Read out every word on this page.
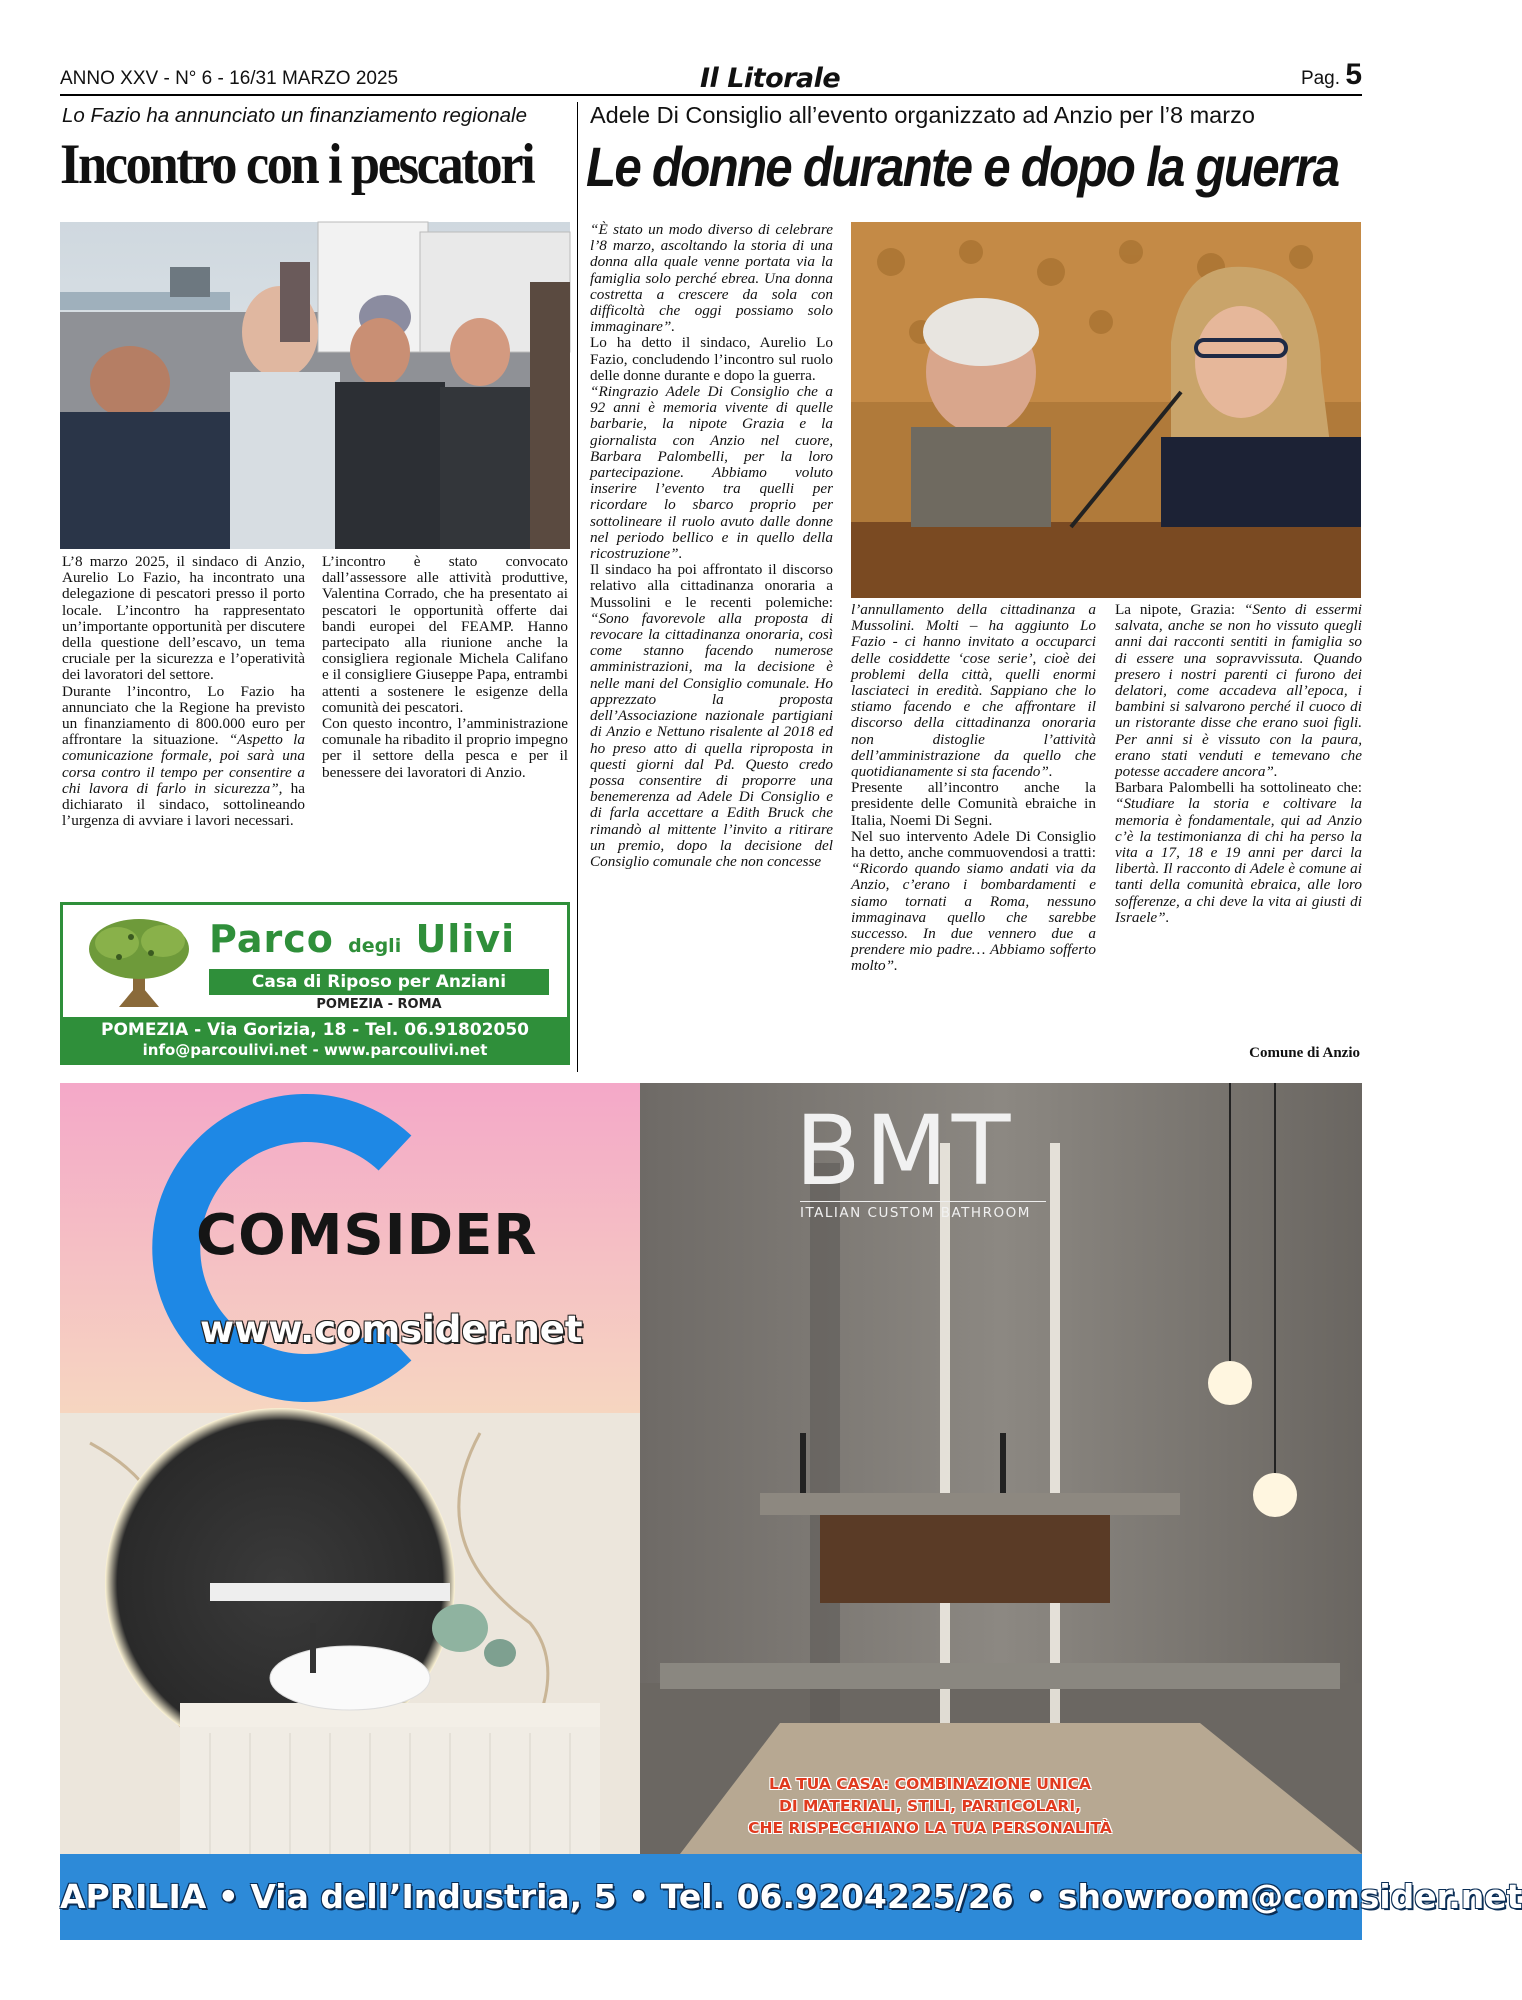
ANNO XXV - N° 6 - 16/31 MARZO 2025	Il Litorale	Pag. 5
Lo Fazio ha annunciato un finanziamento regionale
Incontro con i pescatori

L’8 marzo 2025, il sindaco di Anzio, Aurelio Lo Fazio, ha incontrato una delegazione di pescatori presso il porto locale. L’incontro ha rappresentato un’importante opportunità per discutere della questione dell’escavo, un tema cruciale per la sicurezza e l’operatività dei lavoratori del settore.

Durante l’incontro, Lo Fazio ha annunciato che la Regione ha previsto un finanziamento di 800.000 euro per affrontare la situazione. “Aspetto la comunicazione formale, poi sarà una corsa contro il tempo per consentire a chi lavora di farlo in sicurezza”, ha dichiarato il sindaco, sottolineando l’urgenza di avviare i lavori necessari.

L’incontro è stato convocato dall’assessore alle attività produttive, Valentina Corrado, che ha presentato ai pescatori le opportunità offerte dai bandi europei del FEAMP. Hanno partecipato alla riunione anche la consigliera regionale Michela Califano e il consigliere Giuseppe Papa, entrambi attenti a sostenere le esigenze della comunità dei pescatori.

Con questo incontro, l’amministrazione comunale ha ribadito il proprio impegno per il settore della pesca e per il benessere dei lavoratori di Anzio.

Parco degli Ulivi
Casa di Riposo per Anziani
POMEZIA - ROMA
POMEZIA - Via Gorizia, 18 - Tel. 06.91802050
info@parcoulivi.net - www.parcoulivi.net
Adele Di Consiglio all’evento organizzato ad Anzio per l’8 marzo
Le donne durante e dopo la guerra

“È stato un modo diverso di celebrare l’8 marzo, ascoltando la storia di una donna alla quale venne portata via la famiglia solo perché ebrea. Una donna costretta a crescere da sola con difficoltà che oggi possiamo solo immaginare”.

Lo ha detto il sindaco, Aurelio Lo Fazio, concludendo l’incontro sul ruolo delle donne durante e dopo la guerra.

“Ringrazio Adele Di Consiglio che a 92 anni è memoria vivente di quelle barbarie, la nipote Grazia e la giornalista con Anzio nel cuore, Barbara Palombelli, per la loro partecipazione. Abbiamo voluto inserire l’evento tra quelli per ricordare lo sbarco proprio per sottolineare il ruolo avuto dalle donne nel periodo bellico e in quello della ricostruzione”.

Il sindaco ha poi affrontato il discorso relativo alla cittadinanza onoraria a Mussolini e le recenti polemiche: “Sono favorevole alla proposta di revocare la cittadinanza onoraria, così come stanno facendo numerose amministrazioni, ma la decisione è nelle mani del Consiglio comunale. Ho apprezzato la proposta dell’Associazione nazionale partigiani di Anzio e Nettuno risalente al 2018 ed ho preso atto di quella riproposta in questi giorni dal Pd. Questo credo possa consentire di proporre una benemerenza ad Adele Di Consiglio e di farla accettare a Edith Bruck che rimandò al mittente l’invito a ritirare un premio, dopo la decisione del Consiglio comunale che non concesse

l’annullamento della cittadinanza a Mussolini. Molti – ha aggiunto Lo Fazio - ci hanno invitato a occuparci delle cosiddette ‘cose serie’, cioè dei problemi della città, quelli enormi lasciateci in eredità. Sappiano che lo stiamo facendo e che affrontare il discorso della cittadinanza onoraria non distoglie l’attività dell’amministrazione da quello che quotidianamente si sta facendo”.

Presente all’incontro anche la presidente delle Comunità ebraiche in Italia, Noemi Di Segni.

Nel suo intervento Adele Di Consiglio ha detto, anche commuovendosi a tratti: “Ricordo quando siamo andati via da Anzio, c’erano i bombardamenti e siamo tornati a Roma, nessuno immaginava quello che sarebbe successo. In due vennero due a prendere mio padre… Abbiamo sofferto molto”.

La nipote, Grazia: “Sento di essermi salvata, anche se non ho vissuto quegli anni dai racconti sentiti in famiglia so di essere una sopravvissuta. Quando presero i nostri parenti ci furono dei delatori, come accadeva all’epoca, i bambini si salvarono perché il cuoco di un ristorante disse che erano suoi figli. Per anni si è vissuto con la paura, erano stati venduti e temevano che potesse accadere ancora”.

Barbara Palombelli ha sottolineato che: “Studiare la storia e coltivare la memoria è fondamentale, qui ad Anzio c’è la testimonianza di chi ha perso la vita a 17, 18 e 19 anni per darci la libertà. Il racconto di Adele è comune ai tanti della comunità ebraica, alle loro sofferenze, a chi deve la vita ai giusti di Israele”.

Comune di Anzio
COMSIDER
www.comsider.net
BMT
ITALIAN CUSTOM BATHROOM
LA TUA CASA: COMBINAZIONE UNICA
DI MATERIALI, STILI, PARTICOLARI,
CHE RISPECCHIANO LA TUA PERSONALITÀ
APRILIA • Via dell’Industria, 5 • Tel. 06.9204225/26 • showroom@comsider.net
